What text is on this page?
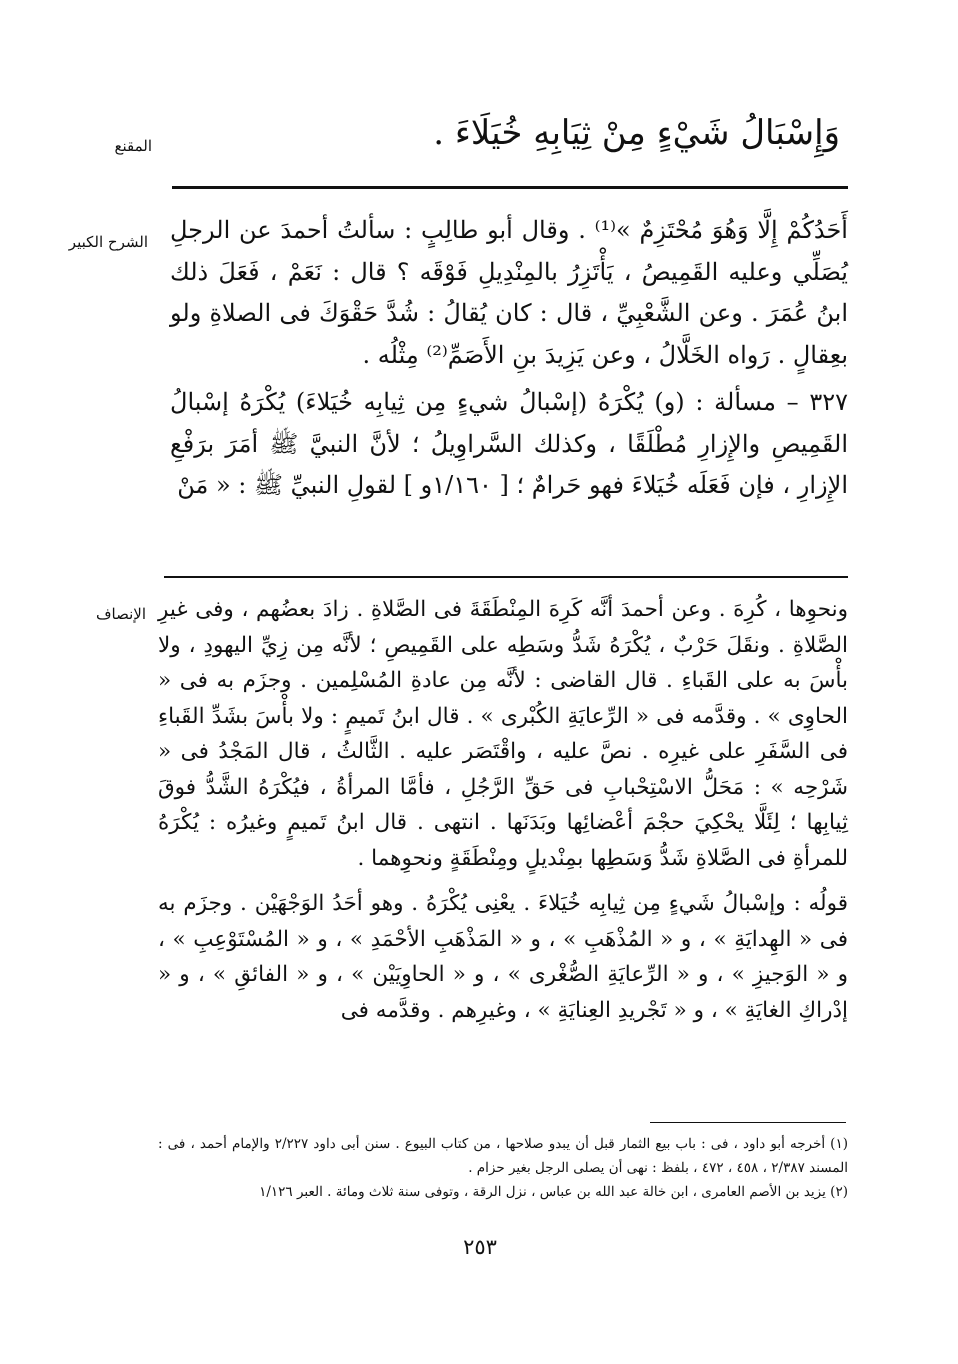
وَإِسْبَالُ شَيْءٍ مِنْ ثِيَابِهِ خُيَلَاءَ .
المقنع
الشرح الكبير أَحَدُكُمْ إِلَّا وَهُوَ مُحْتَزِمٌ »⁽¹⁾ . وقال أبو طالِبٍ : سألتُ أحمدَ عن الرجلِ يُصَلِّي وعليه القَمِيصُ ، يَأْتَزِرُ بالمِنْدِيلِ فَوْقَه ؟ قال : نَعَمْ ، فَعَلَ ذلك ابنُ عُمَرَ . وعن الشَّعْبِيِّ ، قال : كان يُقالُ : شُدَّ حَقْوَكَ فى الصلاةِ ولو بعِقالٍ . رَواه الخَلَّالُ ، وعن يَزِيدَ بنِ الأَصَمِّ⁽²⁾ مِثْلُه .

٣٢٧ – مسألة : (و) يُكْرَهُ (إسْبالُ شيءٍ مِن ثِيابِه خُيَلاءَ) يُكْرَهُ إسْبالُ القَمِيصِ والإِزارِ مُطْلَقًا ، وكذلك السَّراوِيلُ ؛ لأنَّ النبيَّ ﷺ أمَرَ برَفْعِ الإِزارِ ، فإن فَعَلَه خُيَلاءَ فهو حَرامٌ ؛ [ ١/١٦٠و ] لقولِ النبيِّ ﷺ : « مَنْ

الإنصاف ونحوِها ، كُرِهَ . وعن أحمدَ أنَّه كَرِهَ المِنْطَقَةَ فى الصَّلاةِ . زادَ بعضُهم ، وفى غيرِ الصَّلاةِ . ونقَلَ حَرْبٌ ، يُكْرَهُ شَدُّ وسَطِه على القَمِيصِ ؛ لأنَّه مِن زِيِّ اليهودِ ، ولا بأْسَ به على القَباءِ . قال القاضى : لأنَّه مِن عادةِ المُسْلِمين . وجزَم به فى « الحاوِى » . وقدَّمه فى « الرِّعايَةِ الكُبْرى » . قال ابنُ تَميمٍ : ولا بأْسَ بشَدِّ القَباءِ فى السَّفَرِ على غيرِه . نصَّ عليه ، واقْتَصَر عليه . الثَّالثُ ، قال المَجْدُ فى « شَرْحِه » : مَحَلُّ الاسْتِحْبابِ فى حَقِّ الرَّجُلِ ، فأمَّا المرأةُ ، فيُكْرَهُ الشَّدُّ فوقَ ثِيابِها ؛ لِئَلَّا يحْكِيَ حجْمَ أعْضائِها وبَدَنَها . انتهى . قال ابنُ تَميمٍ وغيرُه : يُكْرَهُ للمرأةِ فى الصَّلاةِ شَدُّ وَسَطِها بمِنْديلٍ ومِنْطَقَةٍ ونحوِهما .

قولُه : وإسْبالُ شَيءٍ مِن ثِيابِه خُيَلاءَ . يعْنِى يُكْرَهُ . وهو أحَدُ الوَجْهَيْن . وجزَم به فى « الهِدايَةِ » ، و « المُذْهَبِ » ، و « المَذْهَبِ الأحْمَدِ » ، و « المُسْتَوْعِبِ » ، و « الوَجيزِ » ، و « الرِّعايَةِ الصُّغْرى » ، و « الحاوِيَيْن » ، و « الفائقِ » ، و « إدْراكِ الغايَةِ » ، و « تَجْريدِ العِنايَةِ » ، وغيرِهم . وقدَّمه فى

(١) أخرجه أبو داود ، فى : باب بيع الثمار قبل أن يبدو صلاحها ، من كتاب البيوع . سنن أبى داود ٢/٢٢٧ والإمام أحمد ، فى : المسند ٢/٣٨٧ ، ٤٥٨ ، ٤٧٢ ، بلفظ : نهى أن يصلى الرجل بغير حزام .

(٢) يزيد بن الأصم العامرى ، ابن خالة عبد الله بن عباس ، نزل الرقة ، وتوفى سنة ثلاث ومائة . العبر ١/١٢٦

٢٥٣
